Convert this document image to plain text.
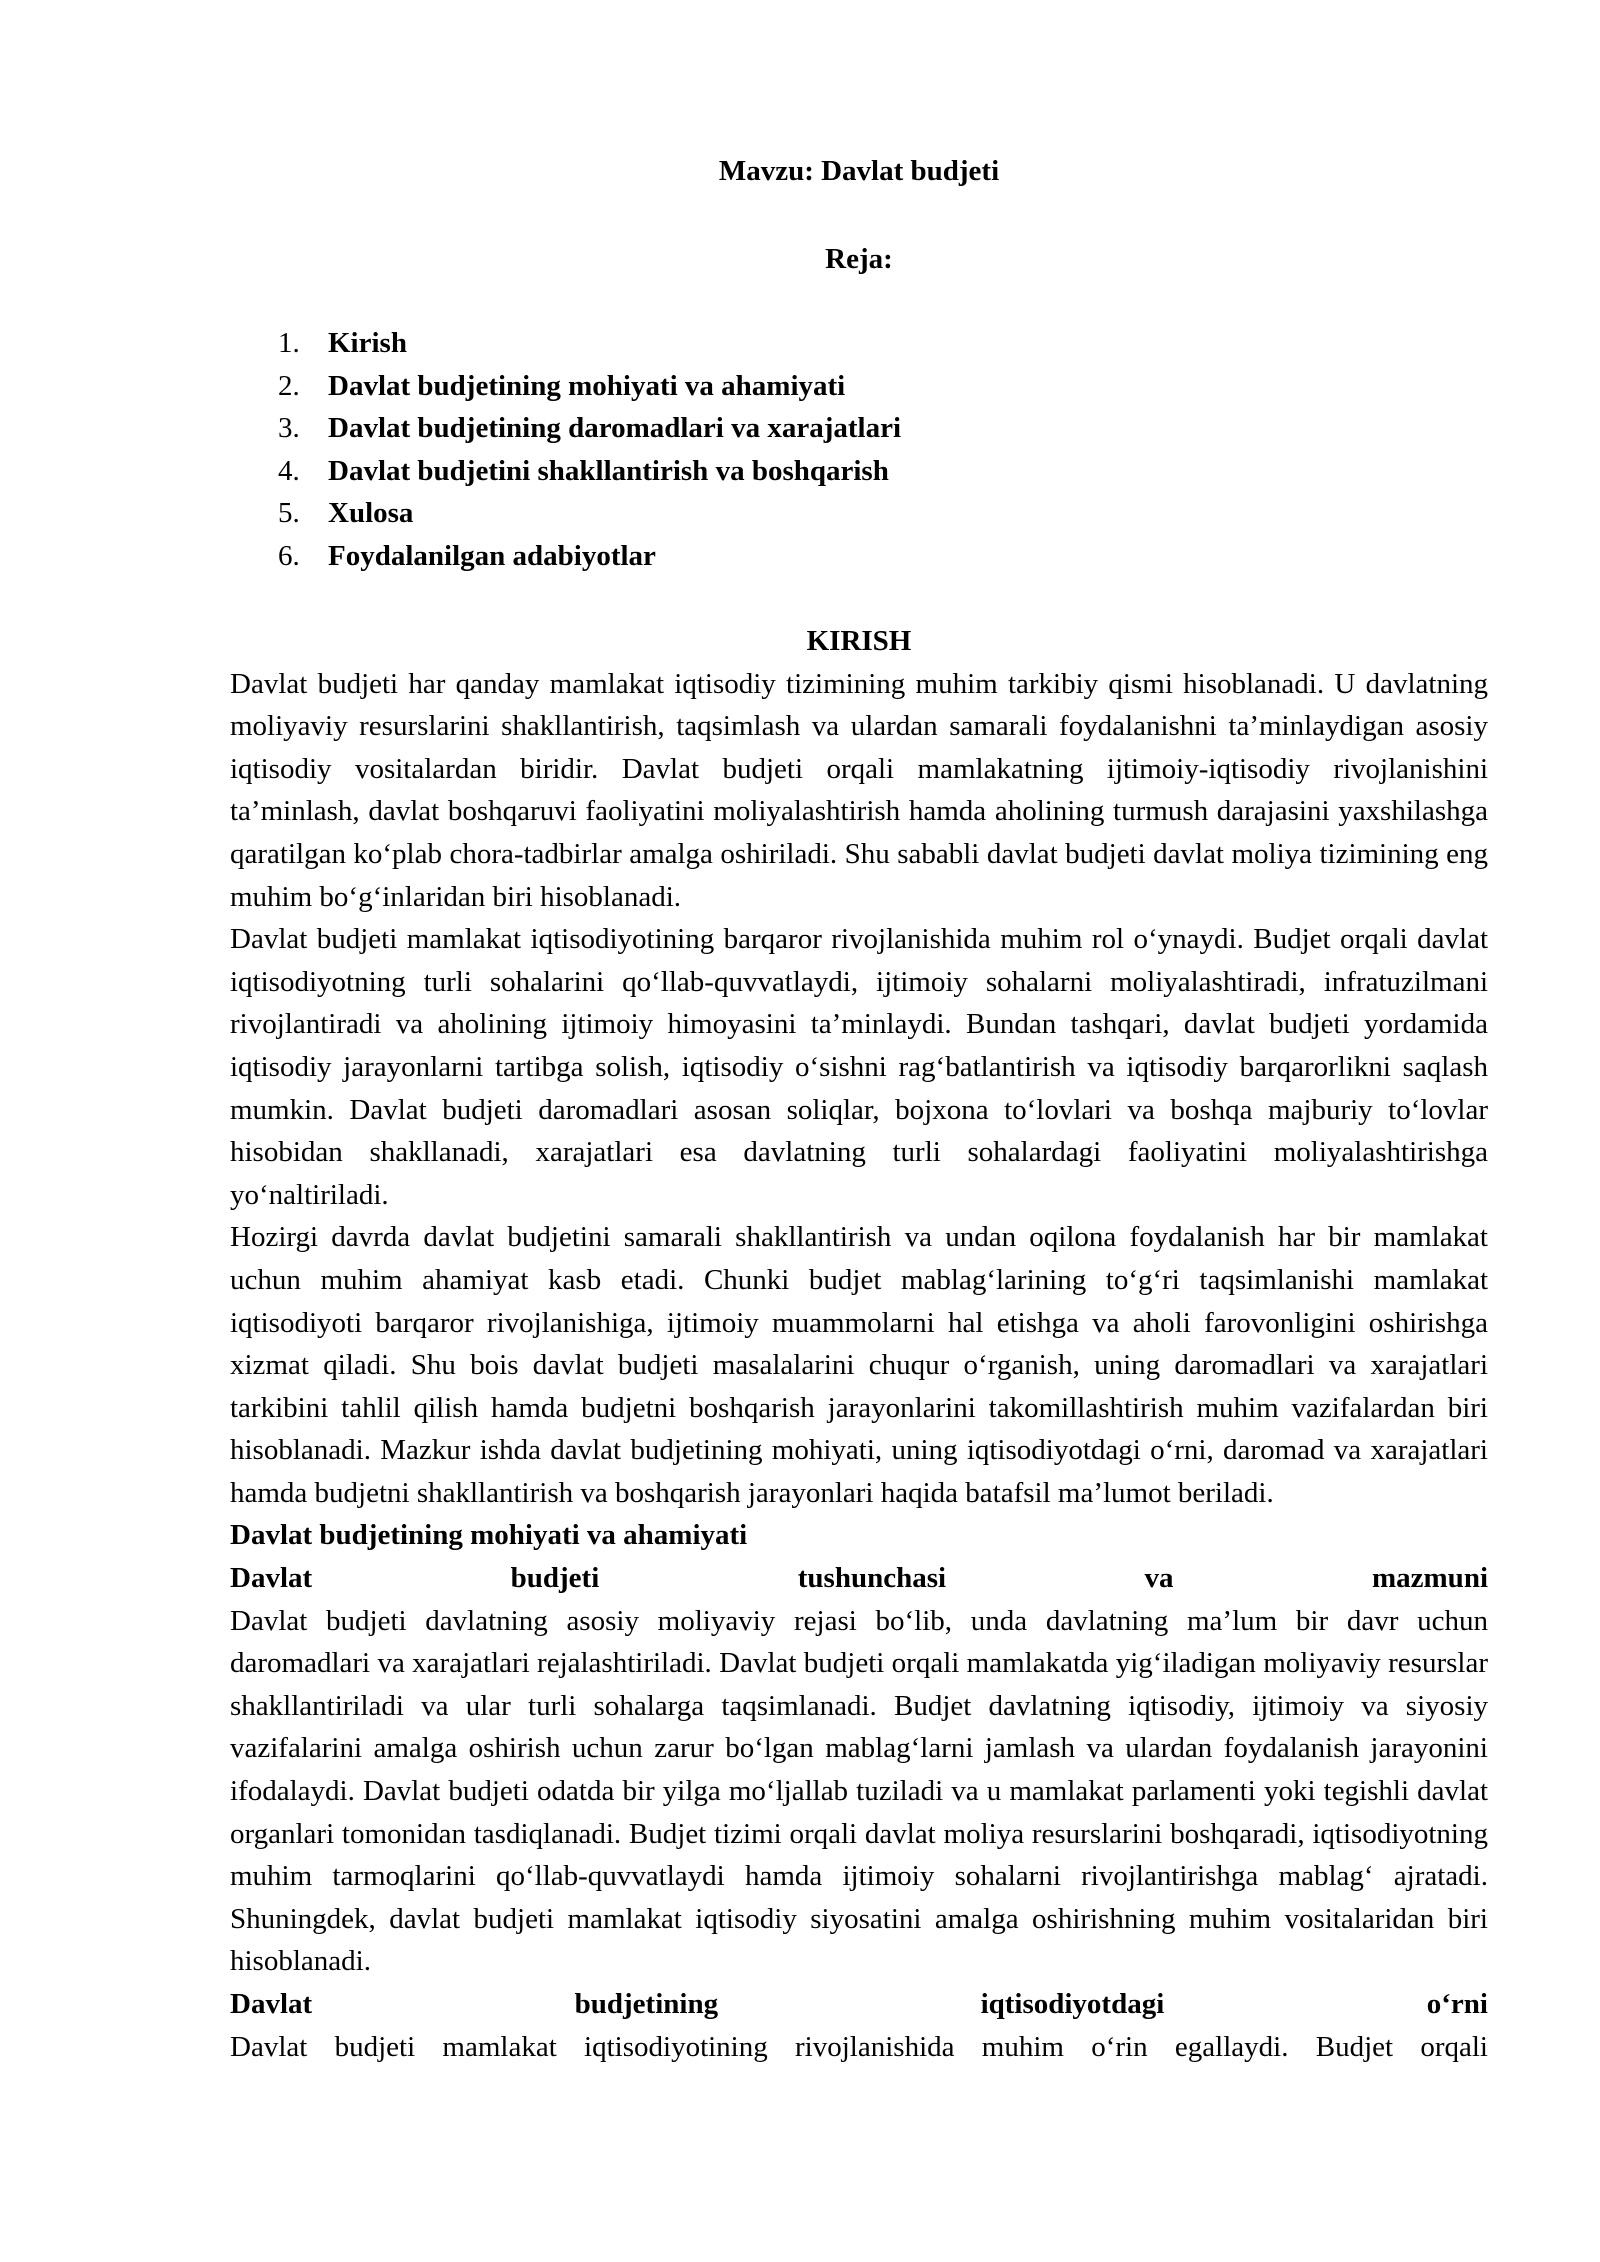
Mavzu: Davlat budjeti
Reja:
1. Kirish
2. Davlat budjetining mohiyati va ahamiyati
3. Davlat budjetining daromadlari va xarajatlari
4. Davlat budjetini shakllantirish va boshqarish
5. Xulosa
6. Foydalanilgan adabiyotlar
KIRISH

Davlat budjeti har qanday mamlakat iqtisodiy tizimining muhim tarkibiy qismi hisoblanadi. U davlatning moliyaviy resurslarini shakllantirish, taqsimlash va ulardan samarali foydalanishni ta’minlaydigan asosiy iqtisodiy vositalardan biridir. Davlat budjeti orqali mamlakatning ijtimoiy-iqtisodiy rivojlanishini ta’minlash, davlat boshqaruvi faoliyatini moliyalashtirish hamda aholining turmush darajasini yaxshilashga qaratilgan ko‘plab chora-tadbirlar amalga oshiriladi. Shu sababli davlat budjeti davlat moliya tizimining eng muhim bo‘g‘inlaridan biri hisoblanadi.

Davlat budjeti mamlakat iqtisodiyotining barqaror rivojlanishida muhim rol o‘ynaydi. Budjet orqali davlat iqtisodiyotning turli sohalarini qo‘llab-quvvatlaydi, ijtimoiy sohalarni moliyalashtiradi, infratuzilmani rivojlantiradi va aholining ijtimoiy himoyasini ta’minlaydi. Bundan tashqari, davlat budjeti yordamida iqtisodiy jarayonlarni tartibga solish, iqtisodiy o‘sishni rag‘batlantirish va iqtisodiy barqarorlikni saqlash mumkin. Davlat budjeti daromadlari asosan soliqlar, bojxona to‘lovlari va boshqa majburiy to‘lovlar hisobidan shakllanadi, xarajatlari esa davlatning turli sohalardagi faoliyatini moliyalashtirishga yo‘naltiriladi.

Hozirgi davrda davlat budjetini samarali shakllantirish va undan oqilona foydalanish har bir mamlakat uchun muhim ahamiyat kasb etadi. Chunki budjet mablag‘larining to‘g‘ri taqsimlanishi mamlakat iqtisodiyoti barqaror rivojlanishiga, ijtimoiy muammolarni hal etishga va aholi farovonligini oshirishga xizmat qiladi. Shu bois davlat budjeti masalalarini chuqur o‘rganish, uning daromadlari va xarajatlari tarkibini tahlil qilish hamda budjetni boshqarish jarayonlarini takomillashtirish muhim vazifalardan biri hisoblanadi. Mazkur ishda davlat budjetining mohiyati, uning iqtisodiyotdagi o‘rni, daromad va xarajatlari hamda budjetni shakllantirish va boshqarish jarayonlari haqida batafsil ma’lumot beriladi.

Davlat budjetining mohiyati va ahamiyati

Davlat	budjeti	tushunchasi	va	mazmuni

Davlat budjeti davlatning asosiy moliyaviy rejasi bo‘lib, unda davlatning ma’lum bir davr uchun daromadlari va xarajatlari rejalashtiriladi. Davlat budjeti orqali mamlakatda yig‘iladigan moliyaviy resurslar shakllantiriladi va ular turli sohalarga taqsimlanadi. Budjet davlatning iqtisodiy, ijtimoiy va siyosiy vazifalarini amalga oshirish uchun zarur bo‘lgan mablag‘larni jamlash va ulardan foydalanish jarayonini ifodalaydi. Davlat budjeti odatda bir yilga mo‘ljallab tuziladi va u mamlakat parlamenti yoki tegishli davlat organlari tomonidan tasdiqlanadi. Budjet tizimi orqali davlat moliya resurslarini boshqaradi, iqtisodiyotning muhim tarmoqlarini qo‘llab-quvvatlaydi hamda ijtimoiy sohalarni rivojlantirishga mablag‘ ajratadi. Shuningdek, davlat budjeti mamlakat iqtisodiy siyosatini amalga oshirishning muhim vositalaridan biri hisoblanadi.

Davlat	budjetining	iqtisodiyotdagi	o‘rni

Davlat budjeti mamlakat iqtisodiyotining rivojlanishida muhim o‘rin egallaydi. Budjet orqali
